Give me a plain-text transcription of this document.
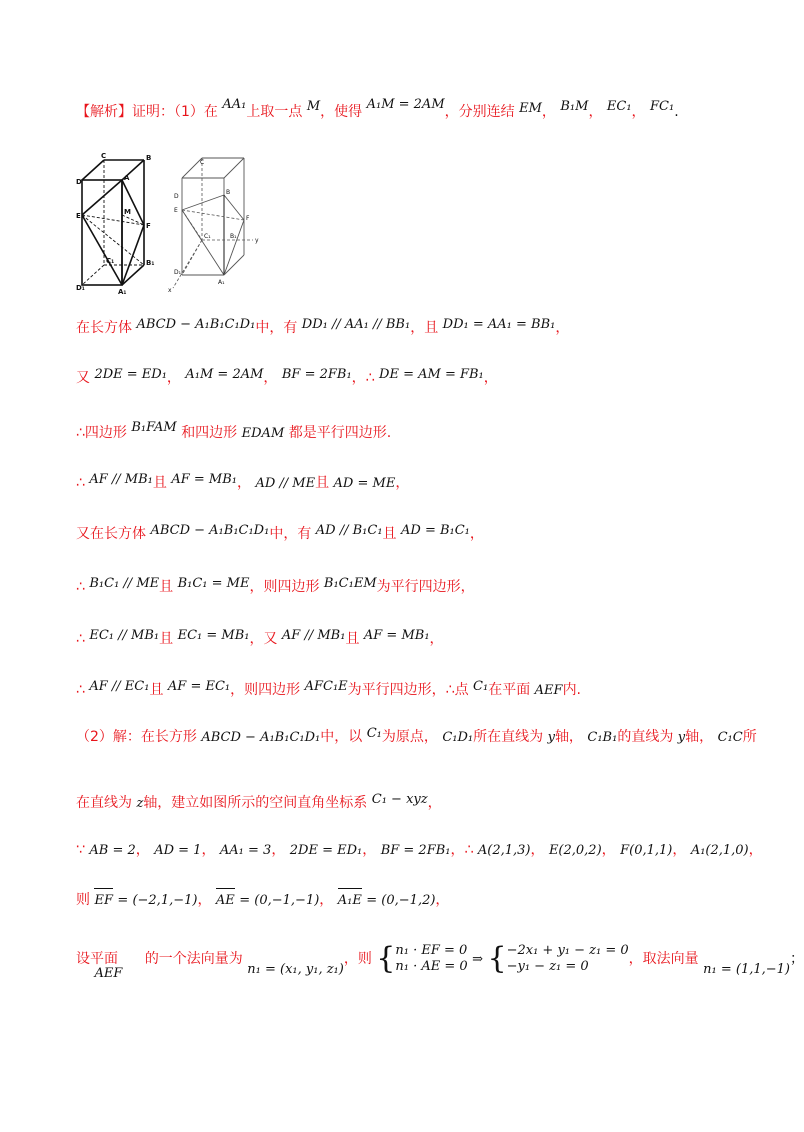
【解析】证明：（1）在 AA₁上取一点 M，使得 A₁M = 2AM，分别连结 EM， B₁M， EC₁， FC₁.
C	B
D	A
E	M
F
C₁	B₁
D₁	A₁
C
D
B
E
F
C₁	B₁
y
x
D₁
A₁
在长方体 ABCD − A₁B₁C₁D₁中，有 DD₁ // AA₁ // BB₁，且 DD₁ = AA₁ = BB₁，
又 2DE = ED₁， A₁M = 2AM， BF = 2FB₁，∴ DE = AM = FB₁，
∴四边形 B₁FAM 和四边形 EDAM 都是平行四边形.
∴ AF // MB₁且 AF = MB₁， AD // ME且 AD = ME，
又在长方体 ABCD − A₁B₁C₁D₁中，有 AD // B₁C₁且 AD = B₁C₁，
∴ B₁C₁ // ME且 B₁C₁ = ME，则四边形 B₁C₁EM为平行四边形，
∴ EC₁ // MB₁且 EC₁ = MB₁，又 AF // MB₁且 AF = MB₁，
∴ AF // EC₁且 AF = EC₁，则四边形 AFC₁E为平行四边形，∴点 C₁在平面 AEF内.
（2）解：在长方形 ABCD − A₁B₁C₁D₁中，以 C₁为原点， C₁D₁所在直线为 y轴， C₁B₁的直线为 y轴， C₁C所
在直线为 z轴，建立如图所示的空间直角坐标系 C₁ − xyz，
∵ AB = 2， AD = 1， AA₁ = 3， 2DE = ED₁， BF = 2FB₁，∴ A(2,1,3)， E(2,0,2)， F(0,1,1)， A₁(2,1,0)，
则 EF = (−2,1,−1)， AE = (0,−1,−1)， A₁E = (0,−1,2)，
设平面 AEF 的一个法向量为 n₁ = (x₁, y₁, z₁)，则 {n₁ · EF = 0
n₁ · AE = 0 ⇒ {−2x₁ + y₁ − z₁ = 0
−y₁ − z₁ = 0	，取法向量 n₁ = (1,1,−1)；
